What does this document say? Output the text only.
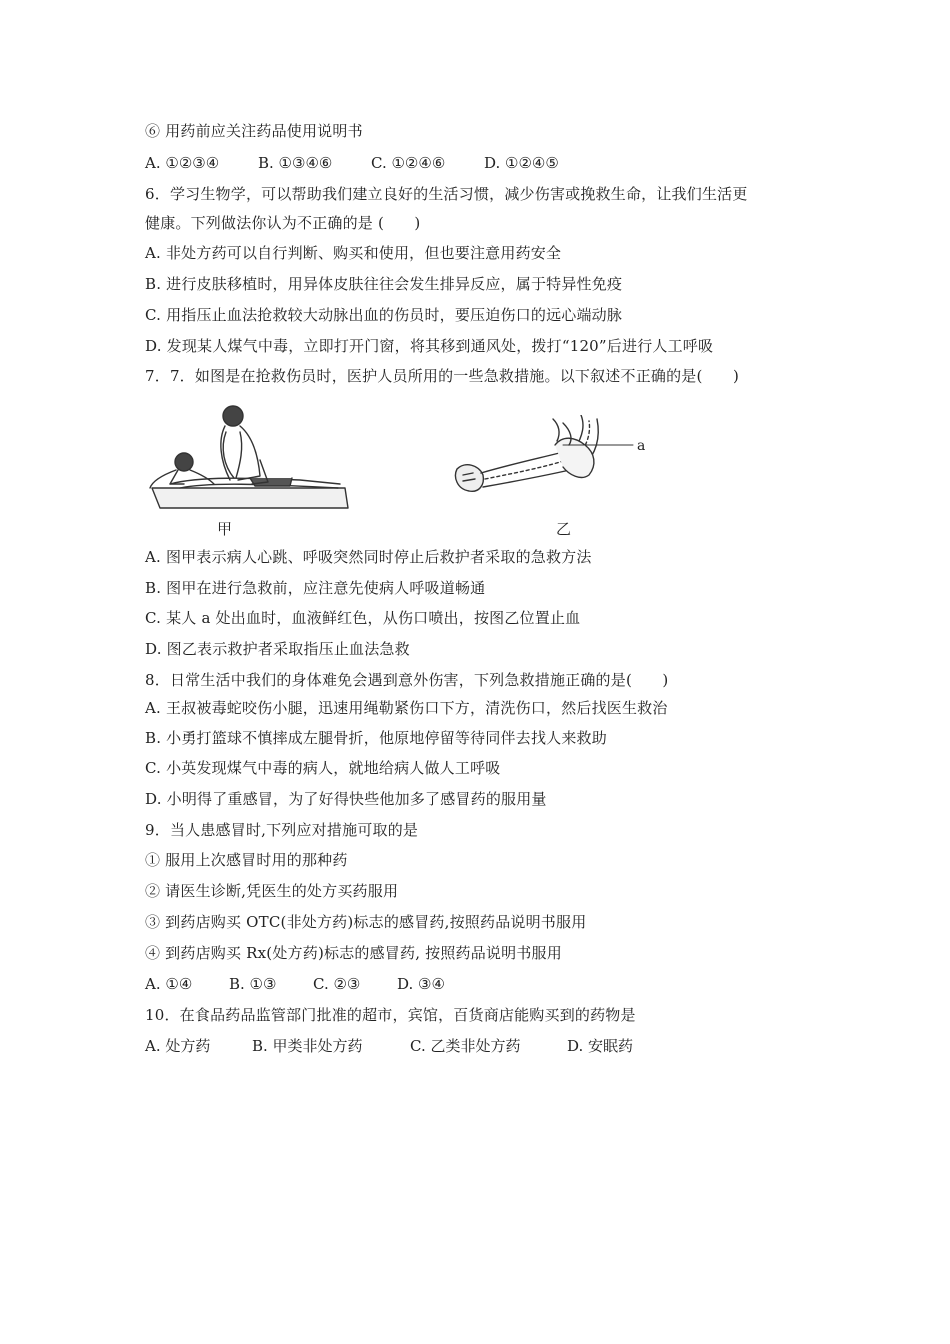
⑥ 用药前应关注药品使用说明书
A. ①②③④	B. ①③④⑥	C. ①②④⑥	D. ①②④⑤
6．学习生物学，可以帮助我们建立良好的生活习惯，减少伤害或挽救生命，让我们生活更
健康。下列做法你认为不正确的是 (　　)
A. 非处方药可以自行判断、购买和使用，但也要注意用药安全
B. 进行皮肤移植时，用异体皮肤往往会发生排异反应，属于特异性免疫
C. 用指压止血法抢救较大动脉出血的伤员时，要压迫伤口的远心端动脉
D. 发现某人煤气中毒，立即打开门窗，将其移到通风处，拨打“120”后进行人工呼吸
7．7．如图是在抢救伤员时，医护人员所用的一些急救措施。以下叙述不正确的是(　　)
甲
a
乙
A. 图甲表示病人心跳、呼吸突然同时停止后救护者采取的急救方法
B. 图甲在进行急救前，应注意先使病人呼吸道畅通
C. 某人 a 处出血时，血液鲜红色，从伤口喷出，按图乙位置止血
D. 图乙表示救护者采取指压止血法急救
8．日常生活中我们的身体难免会遇到意外伤害，下列急救措施正确的是(　　)
A. 王叔被毒蛇咬伤小腿，迅速用绳勒紧伤口下方，清洗伤口，然后找医生救治
B. 小勇打篮球不慎摔成左腿骨折，他原地停留等待同伴去找人来救助
C. 小英发现煤气中毒的病人，就地给病人做人工呼吸
D. 小明得了重感冒，为了好得快些他加多了感冒药的服用量
9．当人患感冒时,下列应对措施可取的是
① 服用上次感冒时用的那种药
② 请医生诊断,凭医生的处方买药服用
③ 到药店购买 OTC(非处方药)标志的感冒药,按照药品说明书服用
④ 到药店购买 Rx(处方药)标志的感冒药, 按照药品说明书服用
A. ①④	B. ①③	C. ②③	D. ③④
10．在食品药品监管部门批准的超市，宾馆，百货商店能购买到的药物是
A. 处方药	B. 甲类非处方药	C. 乙类非处方药	D. 安眠药
